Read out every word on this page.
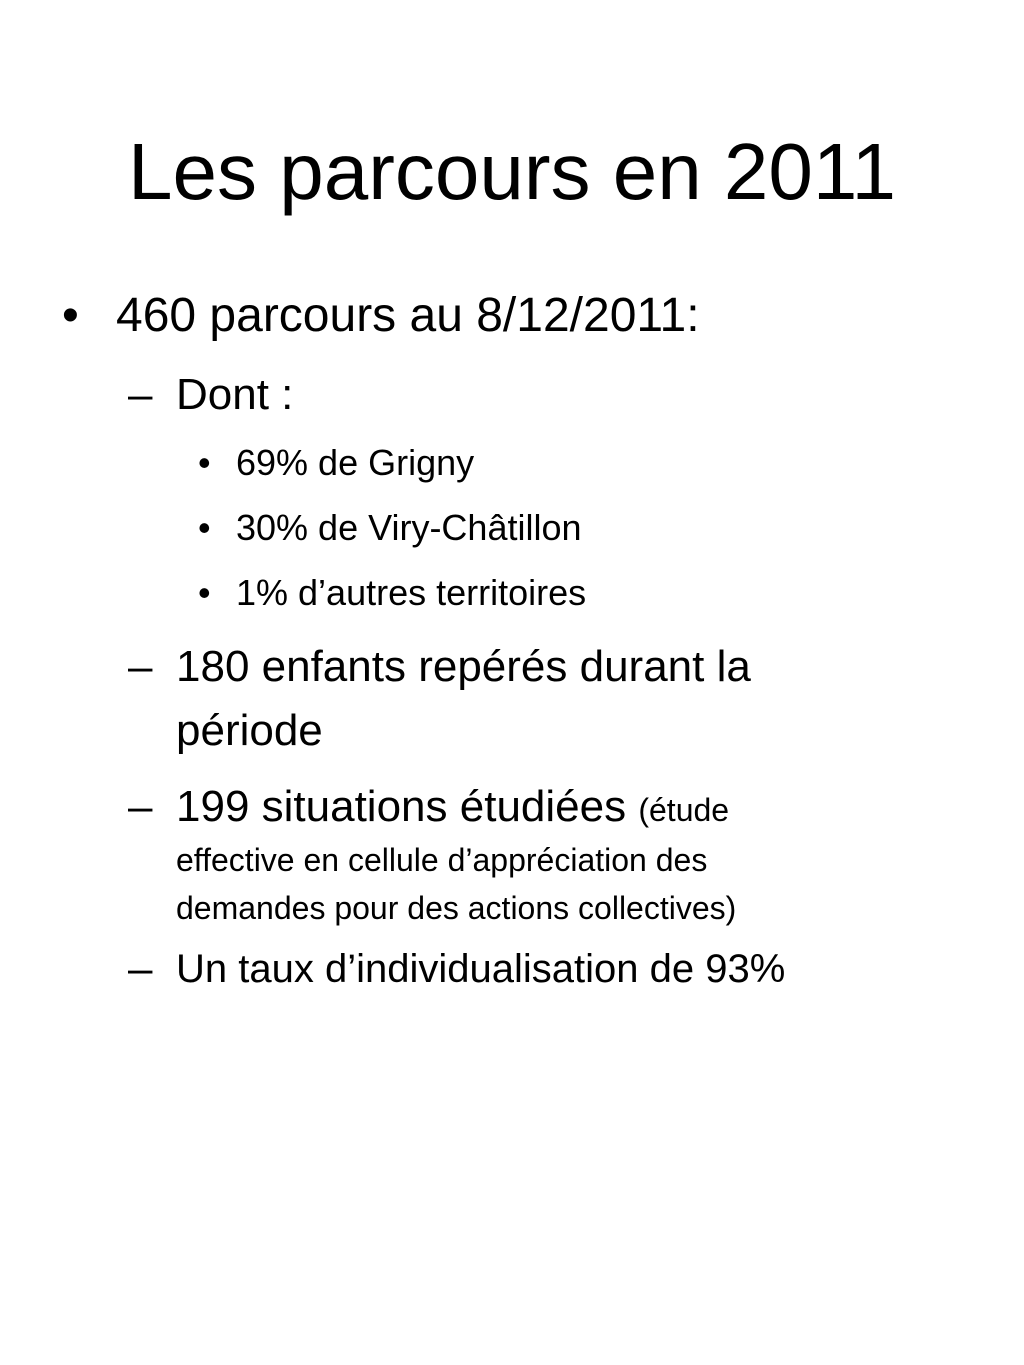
Les parcours en 2011
• 460 parcours au 8/12/2011:
– Dont :
• 69% de Grigny
• 30% de Viry-Châtillon
• 1% d’autres territoires
– 180 enfants repérés durant la
période
– 199 situations étudiées (étude
effective en cellule d’appréciation des
demandes pour des actions collectives)
– Un taux d’individualisation de 93%
